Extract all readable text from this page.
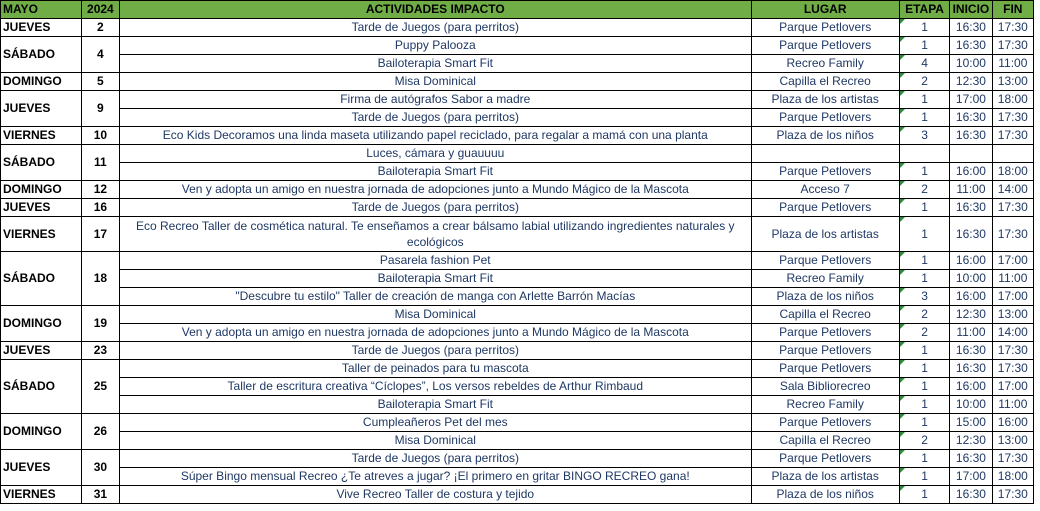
MAYO	2024	ACTIVIDADES IMPACTO	LUGAR	ETAPA	INICIO	FIN
JUEVES	2	Tarde de Juegos (para perritos)	Parque Petlovers	1	16:30	17:30
SÁBADO	4	Puppy Palooza	Parque Petlovers	1	16:30	17:30
		Bailoterapia Smart Fit	Recreo Family	4	10:00	11:00
DOMINGO	5	Misa Dominical	Capilla el Recreo	2	12:30	13:00
JUEVES	9	Firma de autógrafos Sabor a madre	Plaza de los artistas	1	17:00	18:00
		Tarde de Juegos (para perritos)	Parque Petlovers	1	16:30	17:30
VIERNES	10	Eco Kids Decoramos una linda maseta utilizando papel reciclado, para regalar a mamá con una planta	Plaza de los niños	3	16:30	17:30
SÁBADO	11	Luces, cámara y guauuuu				
		Bailoterapia Smart Fit	Parque Petlovers	1	16:00	18:00
DOMINGO	12	Ven y adopta un amigo en nuestra jornada de adopciones junto a Mundo Mágico de la Mascota	Acceso 7	2	11:00	14:00
JUEVES	16	Tarde de Juegos (para perritos)	Parque Petlovers	1	16:30	17:30
VIERNES	17	Eco Recreo Taller de cosmética natural. Te enseñamos a crear bálsamo labial utilizando ingredientes naturales y ecológicos	Plaza de los artistas	1	16:30	17:30
SÁBADO	18	Pasarela fashion Pet	Parque Petlovers	1	16:00	17:00
		Bailoterapia Smart Fit	Recreo Family	1	10:00	11:00
		"Descubre tu estilo" Taller de creación de manga con Arlette Barrón Macías	Plaza de los niños	3	16:00	17:00
DOMINGO	19	Misa Dominical	Capilla el Recreo	2	12:30	13:00
		Ven y adopta un amigo en nuestra jornada de adopciones junto a Mundo Mágico de la Mascota	Parque Petlovers	2	11:00	14:00
JUEVES	23	Tarde de Juegos (para perritos)	Parque Petlovers	1	16:30	17:30
SÁBADO	25	Taller de peinados para tu mascota	Parque Petlovers	1	16:30	17:30
		Taller de escritura creativa “Cíclopes”, Los versos rebeldes de Arthur Rimbaud	Sala Bibliorecreo	1	16:00	17:00
		Bailoterapia Smart Fit	Recreo Family	1	10:00	11:00
DOMINGO	26	Cumpleañeros Pet del mes	Parque Petlovers	1	15:00	16:00
		Misa Dominical	Capilla el Recreo	2	12:30	13:00
JUEVES	30	Tarde de Juegos (para perritos)	Parque Petlovers	1	16:30	17:30
		Súper Bingo mensual Recreo ¿Te atreves a jugar? ¡El primero en gritar BINGO RECREO gana!	Plaza de los artistas	1	17:00	18:00
VIERNES	31	Vive Recreo Taller de costura y tejido	Plaza de los niños	1	16:30	17:30
